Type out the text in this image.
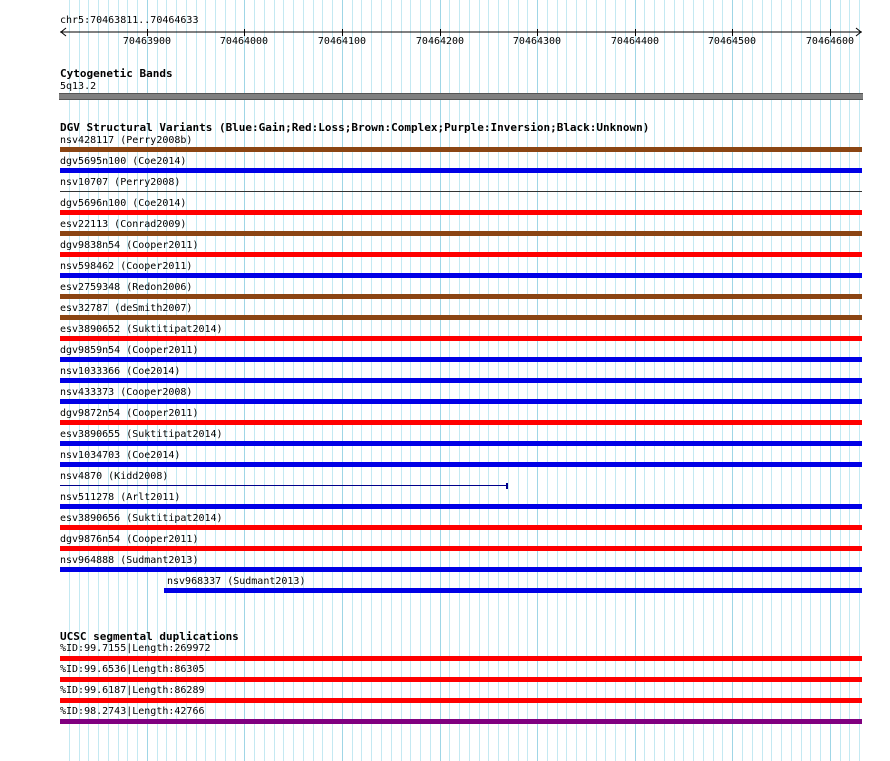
chr5:70463811..70464633
70463900	70464000	70464100	70464200	70464300	70464400	70464500	70464600
Cytogenetic Bands
5q13.2
DGV Structural Variants (Blue:Gain;Red:Loss;Brown:Complex;Purple:Inversion;Black:Unknown)
nsv428117 (Perry2008b)
dgv5695n100 (Coe2014)
nsv10707 (Perry2008)
dgv5696n100 (Coe2014)
esv22113 (Conrad2009)
dgv9838n54 (Cooper2011)
nsv598462 (Cooper2011)
esv2759348 (Redon2006)
esv32787 (deSmith2007)
esv3890652 (Suktitipat2014)
dgv9859n54 (Cooper2011)
nsv1033366 (Coe2014)
nsv433373 (Cooper2008)
dgv9872n54 (Cooper2011)
esv3890655 (Suktitipat2014)
nsv1034703 (Coe2014)
nsv4870 (Kidd2008)
nsv511278 (Arlt2011)
esv3890656 (Suktitipat2014)
dgv9876n54 (Cooper2011)
nsv964888 (Sudmant2013)
nsv968337 (Sudmant2013)
UCSC segmental duplications
%ID:99.7155|Length:269972
%ID:99.6536|Length:86305
%ID:99.6187|Length:86289
%ID:98.2743|Length:42766
